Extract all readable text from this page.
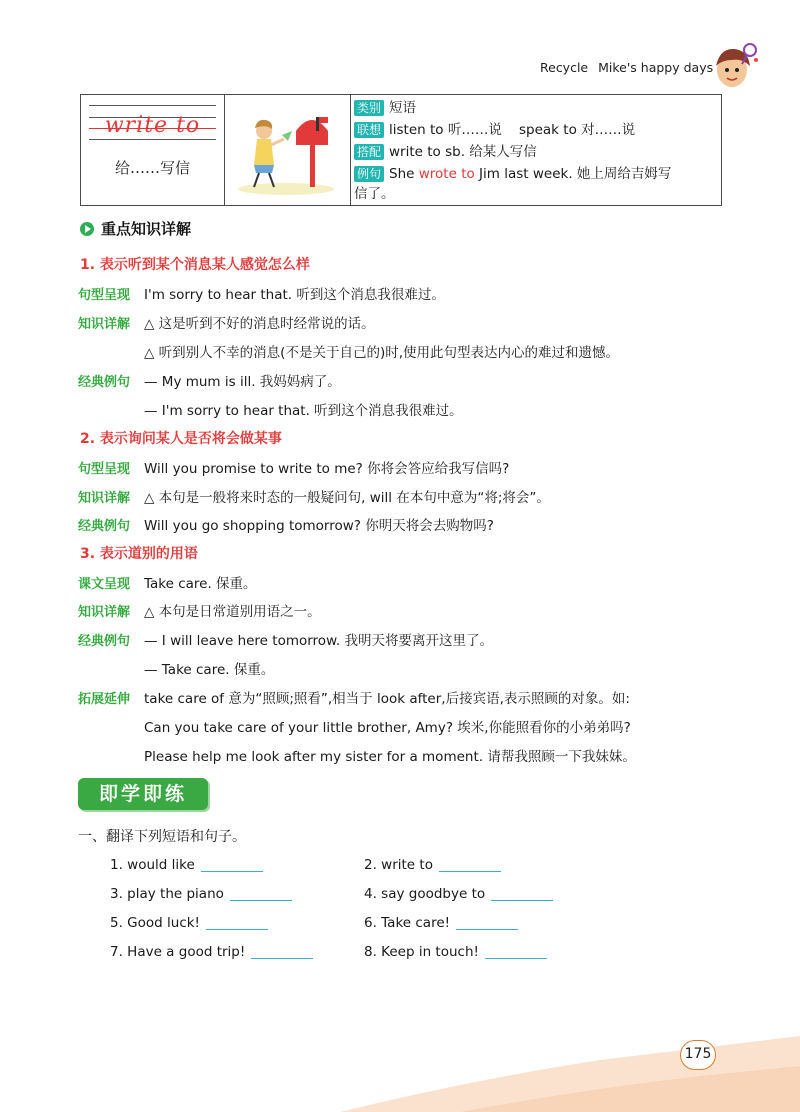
Recycle Mike's happy days
write to
给……写信
类别 短语
联想 listen to 听……说    speak to 对……说
搭配 write to sb. 给某人写信
例句 She wrote to Jim last week. 她上周给吉姆写
信了。
重点知识详解
1. 表示听到某个消息某人感觉怎么样
句型呈现 I'm sorry to hear that. 听到这个消息我很难过。
知识详解 △ 这是听到不好的消息时经常说的话。
△ 听到别人不幸的消息(不是关于自己的)时,使用此句型表达内心的难过和遗憾。
经典例句 — My mum is ill. 我妈妈病了。
— I'm sorry to hear that. 听到这个消息我很难过。
2. 表示询问某人是否将会做某事
句型呈现 Will you promise to write to me? 你将会答应给我写信吗?
知识详解 △ 本句是一般将来时态的一般疑问句, will 在本句中意为“将;将会”。
经典例句 Will you go shopping tomorrow? 你明天将会去购物吗?
3. 表示道别的用语
课文呈现 Take care. 保重。
知识详解 △ 本句是日常道别用语之一。
经典例句 — I will leave here tomorrow. 我明天将要离开这里了。
— Take care. 保重。
拓展延伸 take care of 意为“照顾;照看”,相当于 look after,后接宾语,表示照顾的对象。如:
Can you take care of your little brother, Amy? 埃米,你能照看你的小弟弟吗?
Please help me look after my sister for a moment. 请帮我照顾一下我妹妹。
即学即练
一、翻译下列短语和句子。
1. would like	2. write to
3. play the piano	4. say goodbye to
5. Good luck!	6. Take care!
7. Have a good trip!	8. Keep in touch!
175
